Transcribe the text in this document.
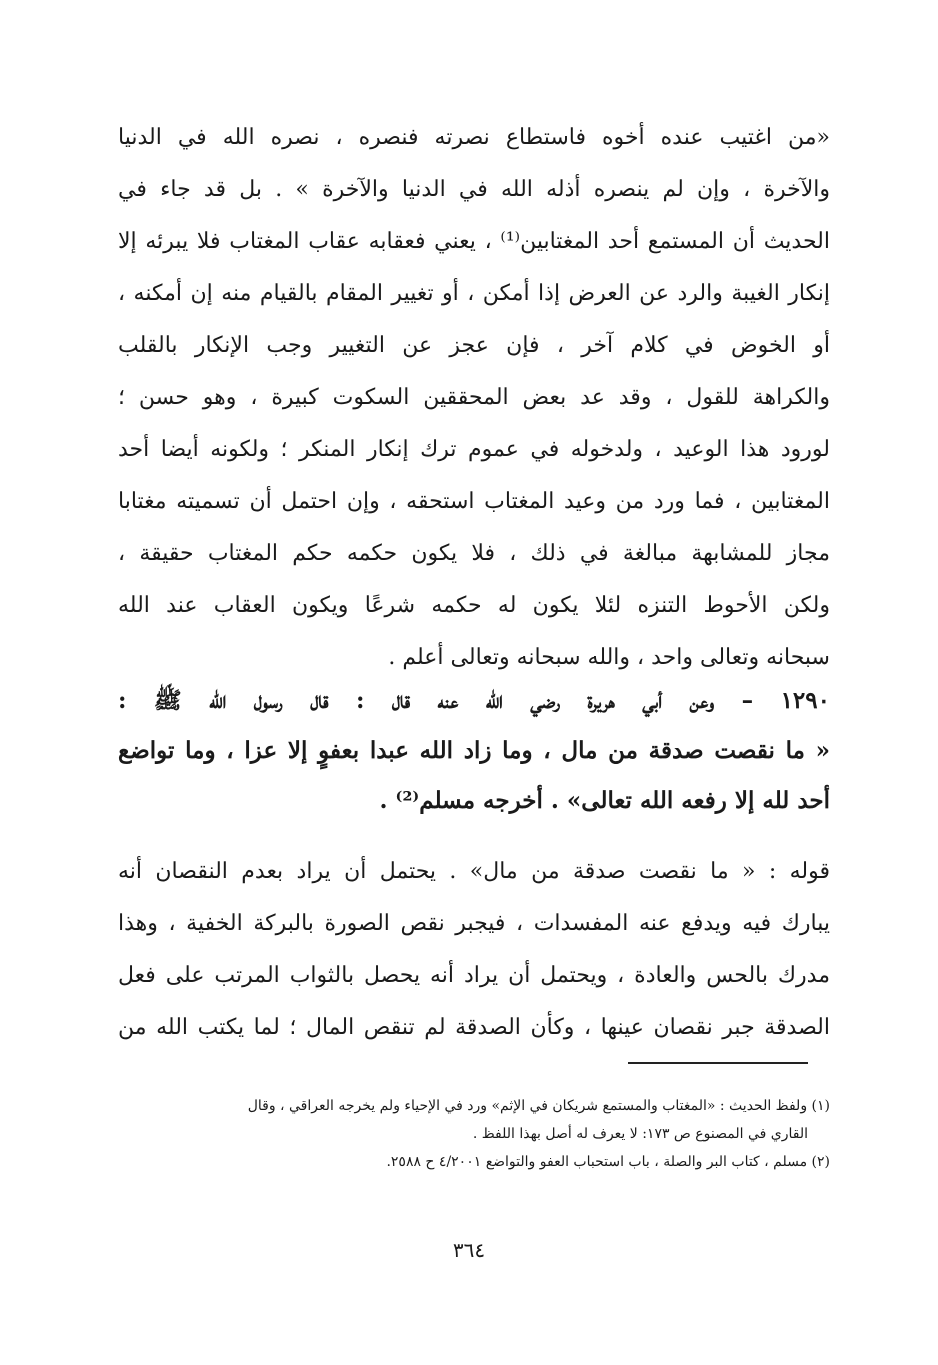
«من اغتيب عنده أخوه فاستطاع نصرته فنصره ، نصره الله في الدنيا
والآخرة ، وإن لم ينصره أذله الله في الدنيا والآخرة » . بل قد جاء في
الحديث أن المستمع أحد المغتابين⁽¹⁾ ، يعني فعقابه عقاب المغتاب فلا يبرئه إلا
إنكار الغيبة والرد عن العرض إذا أمكن ، أو تغيير المقام بالقيام منه إن أمكنه ،
أو الخوض في كلام آخر ، فإن عجز عن التغيير وجب الإنكار بالقلب
والكراهة للقول ، وقد عد بعض المحققين السكوت كبيرة ، وهو حسن ؛
لورود هذا الوعيد ، ولدخوله في عموم ترك إنكار المنكر ؛ ولكونه أيضا أحد
المغتابين ، فما ورد من وعيد المغتاب استحقه ، وإن احتمل أن تسميته مغتابا
مجاز للمشابهة مبالغة في ذلك ، فلا يكون حكمه حكم المغتاب حقيقة ،
ولكن الأحوط التنزه لئلا يكون له حكمه شرعًا ويكون العقاب عند الله
سبحانه وتعالى واحد ، والله سبحانه وتعالى أعلم .
١٢٩٠ – وعن أبي هريرة رضي الله عنه قال : قال رسول الله ﷺ :
« ما نقصت صدقة من مال ، وما زاد الله عبدا بعفوٍ إلا عزا ، وما تواضع
أحد لله إلا رفعه الله تعالى» . أخرجه مسلم⁽²⁾ .
قوله : « ما نقصت صدقة من مال» . يحتمل أن يراد بعدم النقصان أنه
يبارك فيه ويدفع عنه المفسدات ، فيجبر نقص الصورة بالبركة الخفية ، وهذا
مدرك بالحس والعادة ، ويحتمل أن يراد أنه يحصل بالثواب المرتب على فعل
الصدقة جبر نقصان عينها ، وكأن الصدقة لم تنقص المال ؛ لما يكتب الله من
(١) ولفظ الحديث : «المغتاب والمستمع شريكان في الإثم» ورد في الإحياء ولم يخرجه العراقي ، وقال
القاري في المصنوع ص ١٧٣: لا يعرف له أصل بهذا اللفظ .
(٢) مسلم ، كتاب البر والصلة ، باب استحباب العفو والتواضع ٤/٢٠٠١ ح ٢٥٨٨.
٣٦٤
